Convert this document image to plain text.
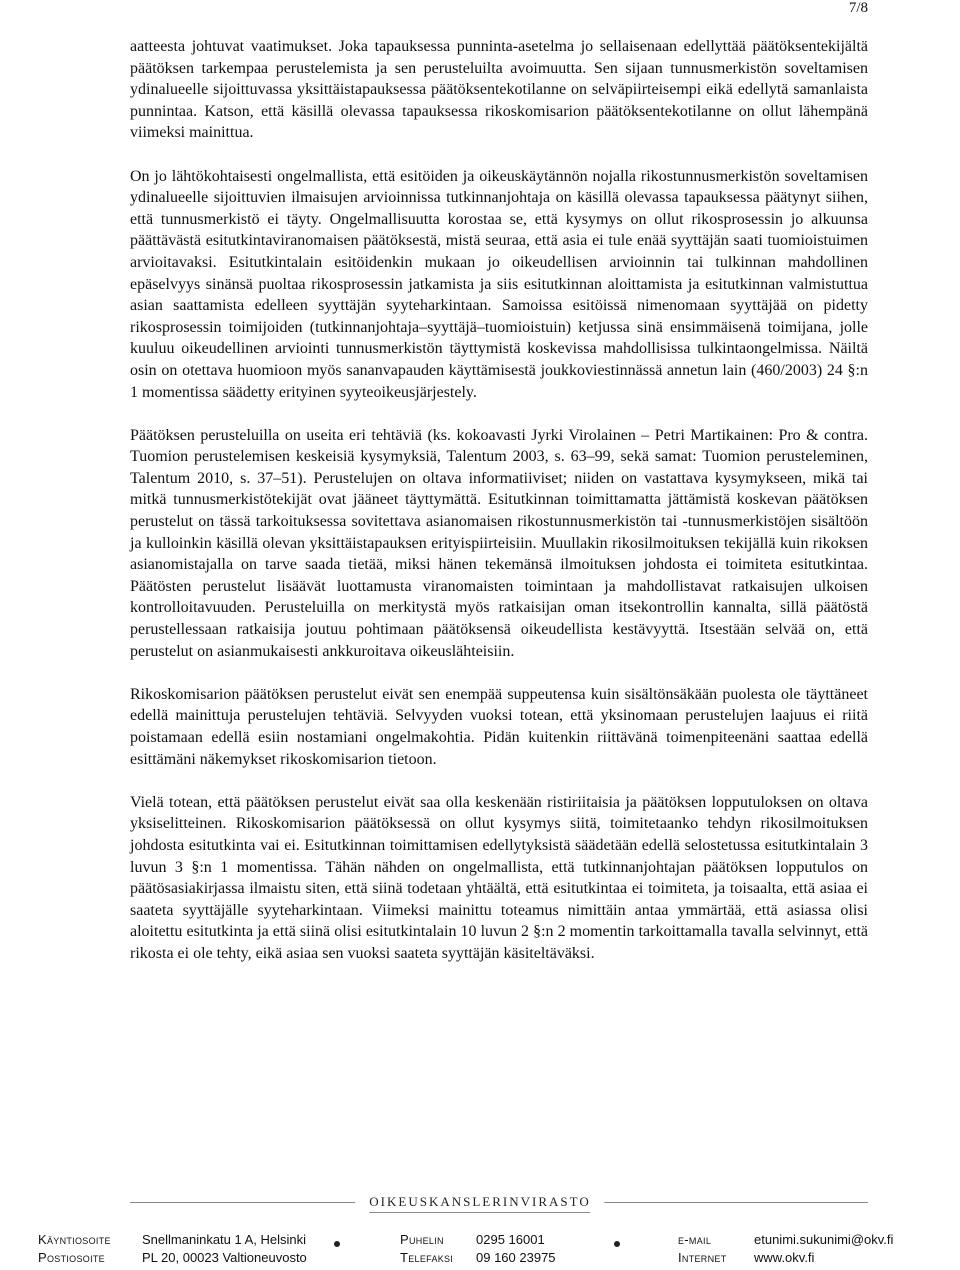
7/8

aatteesta johtuvat vaatimukset. Joka tapauksessa punninta-asetelma jo sellaisenaan edellyttää päätöksentekijältä päätöksen tarkempaa perustelemista ja sen perusteluilta avoimuutta. Sen sijaan tunnusmerkistön soveltamisen ydinalueelle sijoittuvassa yksittäistapauksessa päätöksentekotilanne on selväpiirteisempi eikä edellytä samanlaista punnintaa. Katson, että käsillä olevassa tapauksessa rikoskomisarion päätöksentekotilanne on ollut lähempänä viimeksi mainittua.

On jo lähtökohtaisesti ongelmallista, että esitöiden ja oikeuskäytännön nojalla rikostunnusmerkistön soveltamisen ydinalueelle sijoittuvien ilmaisujen arvioinnissa tutkinnanjohtaja on käsillä olevassa tapauksessa päätynyt siihen, että tunnusmerkistö ei täyty. Ongelmallisuutta korostaa se, että kysymys on ollut rikosprosessin jo alkuunsa päättävästä esitutkintaviranomaisen päätöksestä, mistä seuraa, että asia ei tule enää syyttäjän saati tuomioistuimen arvioitavaksi. Esitutkintalain esitöidenkin mukaan jo oikeudellisen arvioinnin tai tulkinnan mahdollinen epäselvyys sinänsä puoltaa rikosprosessin jatkamista ja siis esitutkinnan aloittamista ja esitutkinnan valmistuttua asian saattamista edelleen syyttäjän syyteharkintaan. Samoissa esitöissä nimenomaan syyttäjää on pidetty rikosprosessin toimijoiden (tutkinnanjohtaja–syyttäjä–tuomioistuin) ketjussa sinä ensimmäisenä toimijana, jolle kuuluu oikeudellinen arviointi tunnusmerkistön täyttymistä koskevissa mahdollisissa tulkintaongelmissa. Näiltä osin on otettava huomioon myös sananvapauden käyttämisestä joukkoviestinnässä annetun lain (460/2003) 24 §:n 1 momentissa säädetty erityinen syyteoikeusjärjestely.

Päätöksen perusteluilla on useita eri tehtäviä (ks. kokoavasti Jyrki Virolainen – Petri Martikainen: Pro & contra. Tuomion perustelemisen keskeisiä kysymyksiä, Talentum 2003, s. 63–99, sekä samat: Tuomion perusteleminen, Talentum 2010, s. 37–51). Perustelujen on oltava informatiiviset; niiden on vastattava kysymykseen, mikä tai mitkä tunnusmerkistötekijät ovat jääneet täyttymättä. Esitutkinnan toimittamatta jättämistä koskevan päätöksen perustelut on tässä tarkoituksessa sovitettava asianomaisen rikostunnusmerkistön tai -tunnusmerkistöjen sisältöön ja kulloinkin käsillä olevan yksittäistapauksen erityispiirteisiin. Muullakin rikosilmoituksen tekijällä kuin rikoksen asianomistajalla on tarve saada tietää, miksi hänen tekemänsä ilmoituksen johdosta ei toimiteta esitutkintaa. Päätösten perustelut lisäävät luottamusta viranomaisten toimintaan ja mahdollistavat ratkaisujen ulkoisen kontrolloitavuuden. Perusteluilla on merkitystä myös ratkaisijan oman itsekontrollin kannalta, sillä päätöstä perustellessaan ratkaisija joutuu pohtimaan päätöksensä oikeudellista kestävyyttä. Itsestään selvää on, että perustelut on asianmukaisesti ankkuroitava oikeuslähteisiin.

Rikoskomisarion päätöksen perustelut eivät sen enempää suppeutensa kuin sisältönsäkään puolesta ole täyttäneet edellä mainittuja perustelujen tehtäviä. Selvyyden vuoksi totean, että yksinomaan perustelujen laajuus ei riitä poistamaan edellä esiin nostamiani ongelmakohtia. Pidän kuitenkin riittävänä toimenpiteenäni saattaa edellä esittämäni näkemykset rikoskomisarion tietoon.

Vielä totean, että päätöksen perustelut eivät saa olla keskenään ristiriitaisia ja päätöksen lopputuloksen on oltava yksiselitteinen. Rikoskomisarion päätöksessä on ollut kysymys siitä, toimitetaanko tehdyn rikosilmoituksen johdosta esitutkinta vai ei. Esitutkinnan toimittamisen edellytyksistä säädetään edellä selostetussa esitutkintalain 3 luvun 3 §:n 1 momentissa. Tähän nähden on ongelmallista, että tutkinnanjohtajan päätöksen lopputulos on päätösasiakirjassa ilmaistu siten, että siinä todetaan yhtäältä, että esitutkintaa ei toimiteta, ja toisaalta, että asiaa ei saateta syyttäjälle syyteharkintaan. Viimeksi mainittu toteamus nimittäin antaa ymmärtää, että asiassa olisi aloitettu esitutkinta ja että siinä olisi esitutkintalain 10 luvun 2 §:n 2 momentin tarkoittamalla tavalla selvinnyt, että rikosta ei ole tehty, eikä asiaa sen vuoksi saateta syyttäjän käsiteltäväksi.

OIKEUSKANSLERINVIRASTO
Käyntiosoite Snellmaninkatu 1 A, Helsinki	Puhelin 0295 16001	e-mail	etunimi.sukunimi@okv.fi
Postiosoite	PL 20, 00023 Valtioneuvosto	Telefaksi 09 160 23975	Internet www.okv.fi
